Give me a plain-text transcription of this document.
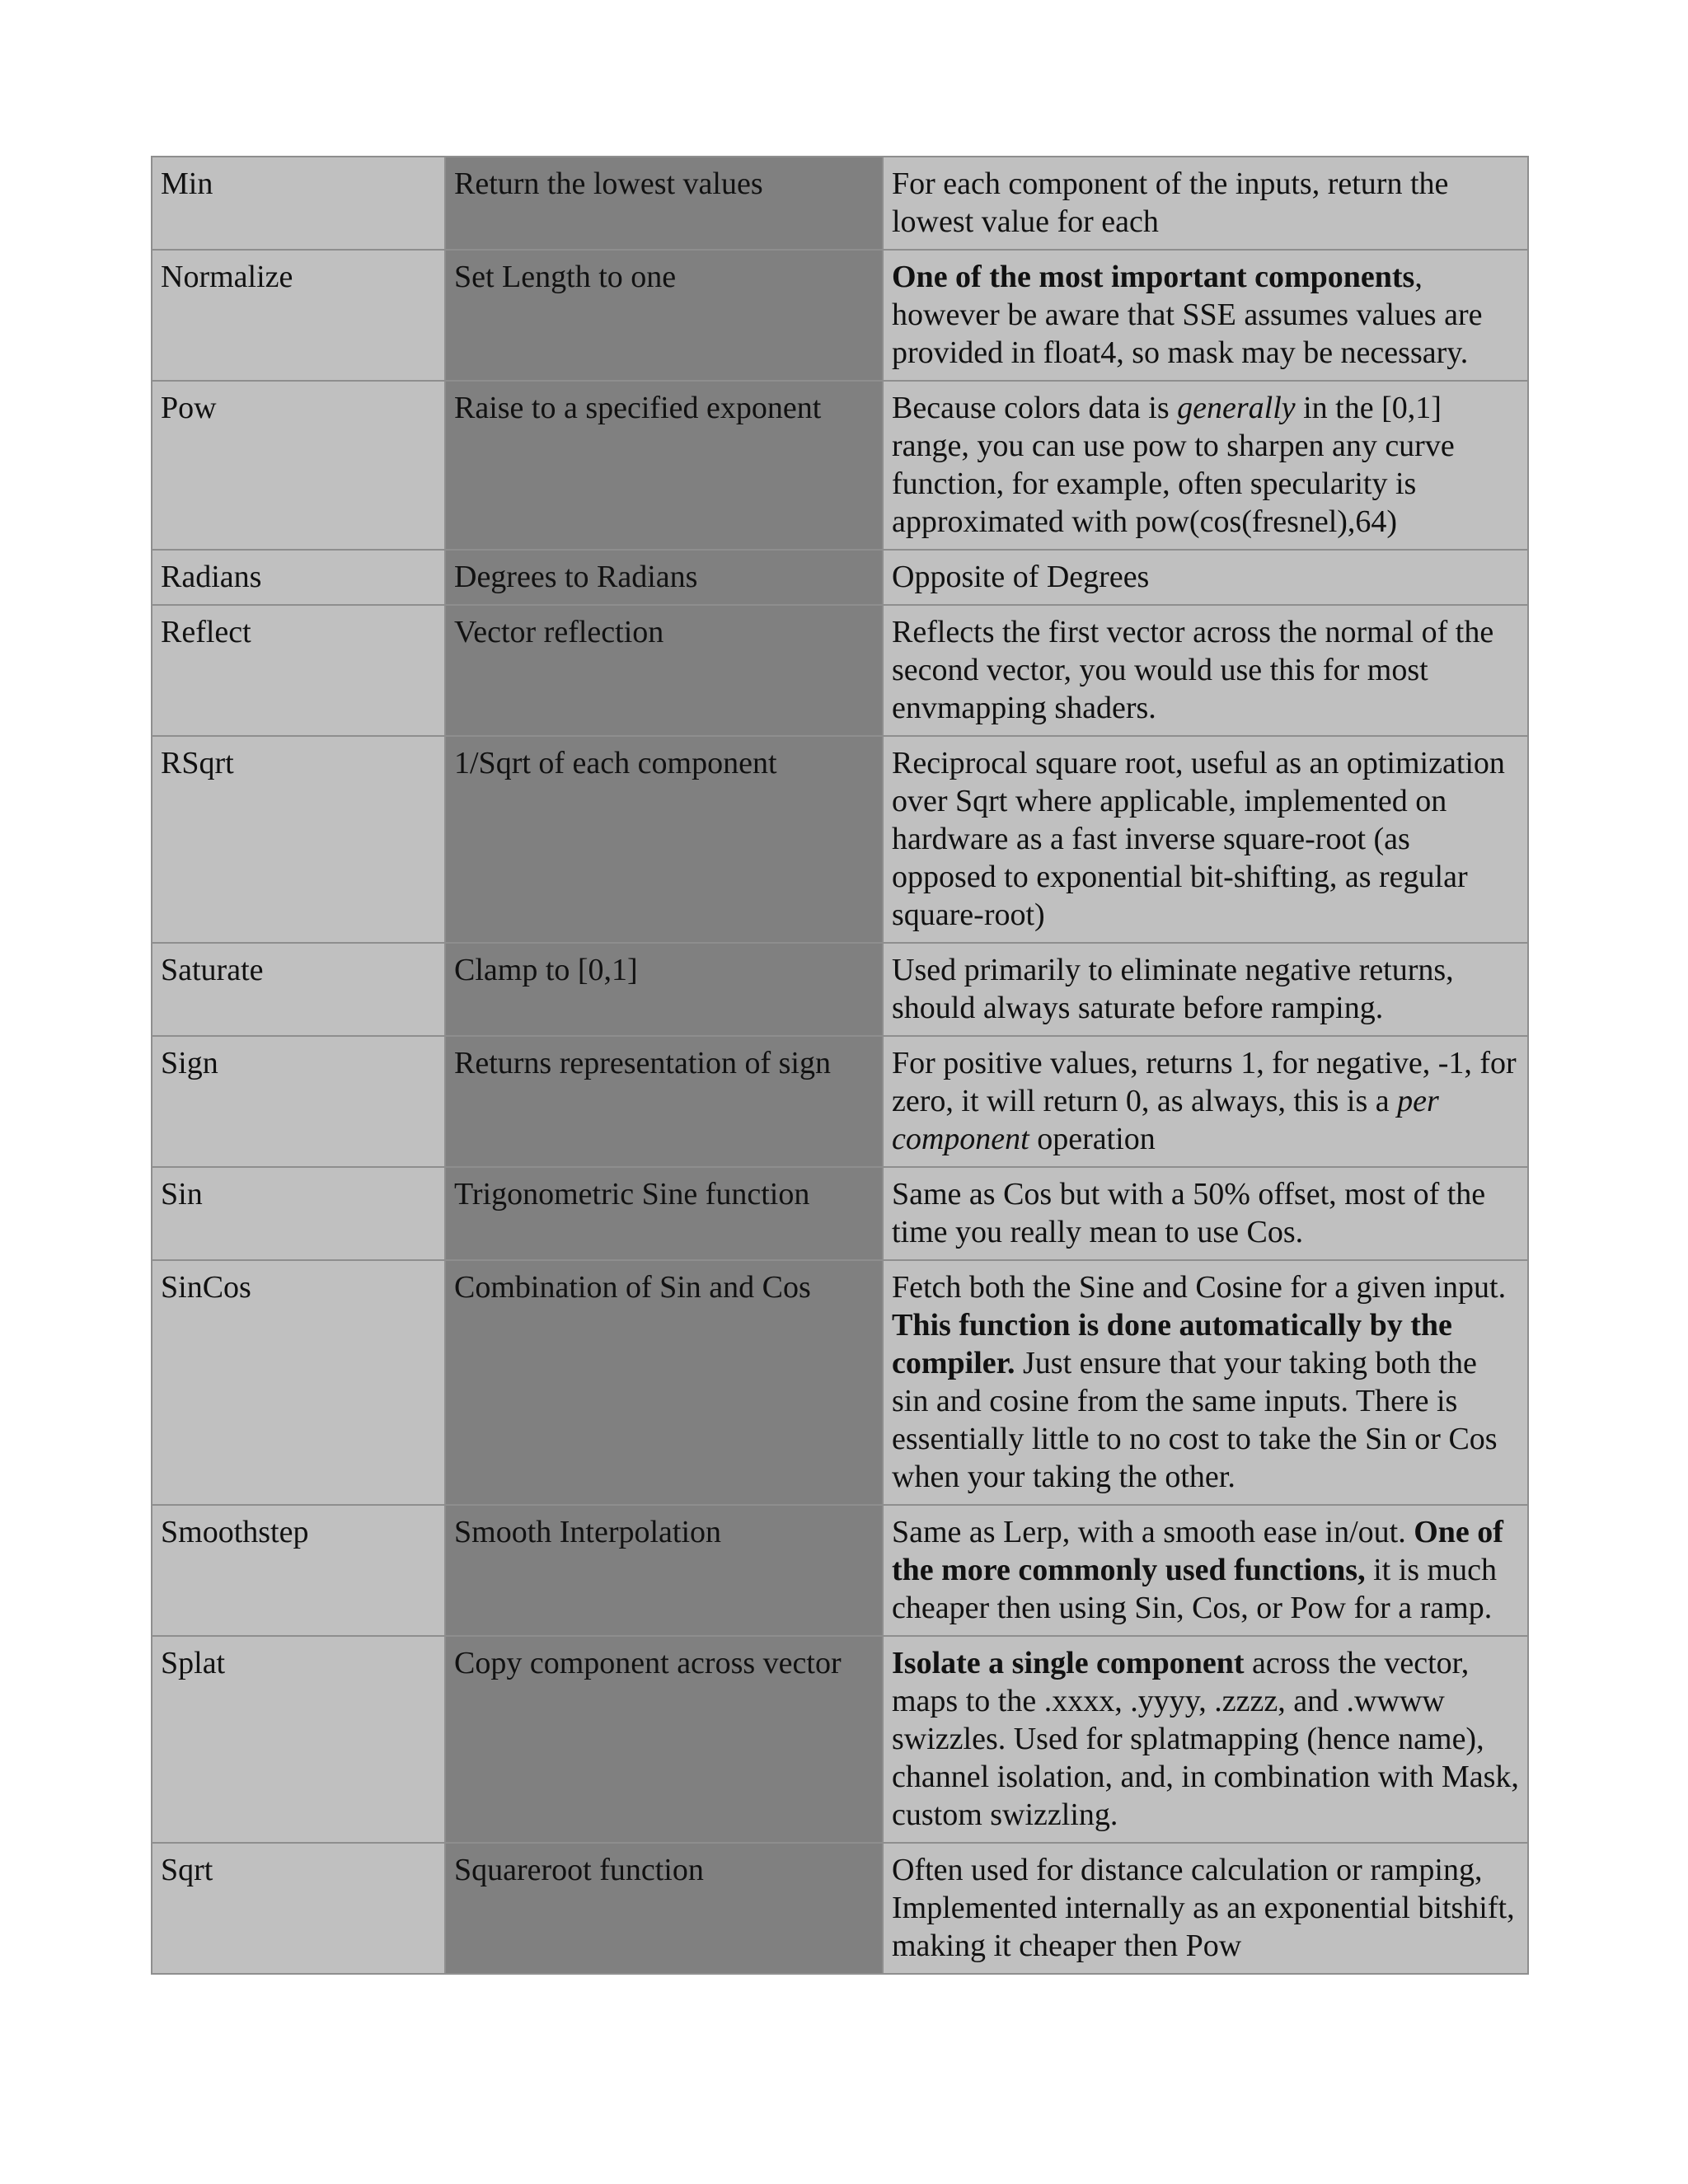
Min	Return the lowest values	For each component of the inputs, return the lowest value for each
Normalize	Set Length to one	One of the most important components, however be aware that SSE assumes values are provided in float4, so mask may be necessary.
Pow	Raise to a specified exponent	Because colors data is generally in the [0,1] range, you can use pow to sharpen any curve function, for example, often specularity is approximated with pow(cos(fresnel),64)
Radians	Degrees to Radians	Opposite of Degrees
Reflect	Vector reflection	Reflects the first vector across the normal of the second vector, you would use this for most envmapping shaders.
RSqrt	1/Sqrt of each component	Reciprocal square root, useful as an optimization over Sqrt where applicable, implemented on hardware as a fast inverse square-root (as opposed to exponential bit-shifting, as regular square-root)
Saturate	Clamp to [0,1]	Used primarily to eliminate negative returns, should always saturate before ramping.
Sign	Returns representation of sign	For positive values, returns 1, for negative, -1, for zero, it will return 0, as always, this is a per component operation
Sin	Trigonometric Sine function	Same as Cos but with a 50% offset, most of the time you really mean to use Cos.
SinCos	Combination of Sin and Cos	Fetch both the Sine and Cosine for a given input. This function is done automatically by the compiler. Just ensure that your taking both the sin and cosine from the same inputs. There is essentially little to no cost to take the Sin or Cos when your taking the other.
Smoothstep	Smooth Interpolation	Same as Lerp, with a smooth ease in/out. One of the more commonly used functions, it is much cheaper then using Sin, Cos, or Pow for a ramp.
Splat	Copy component across vector	Isolate a single component across the vector, maps to the .xxxx, .yyyy, .zzzz, and .wwww swizzles. Used for splatmapping (hence name), channel isolation, and, in combination with Mask, custom swizzling.
Sqrt	Squareroot function	Often used for distance calculation or ramping, Implemented internally as an exponential bitshift, making it cheaper then Pow
